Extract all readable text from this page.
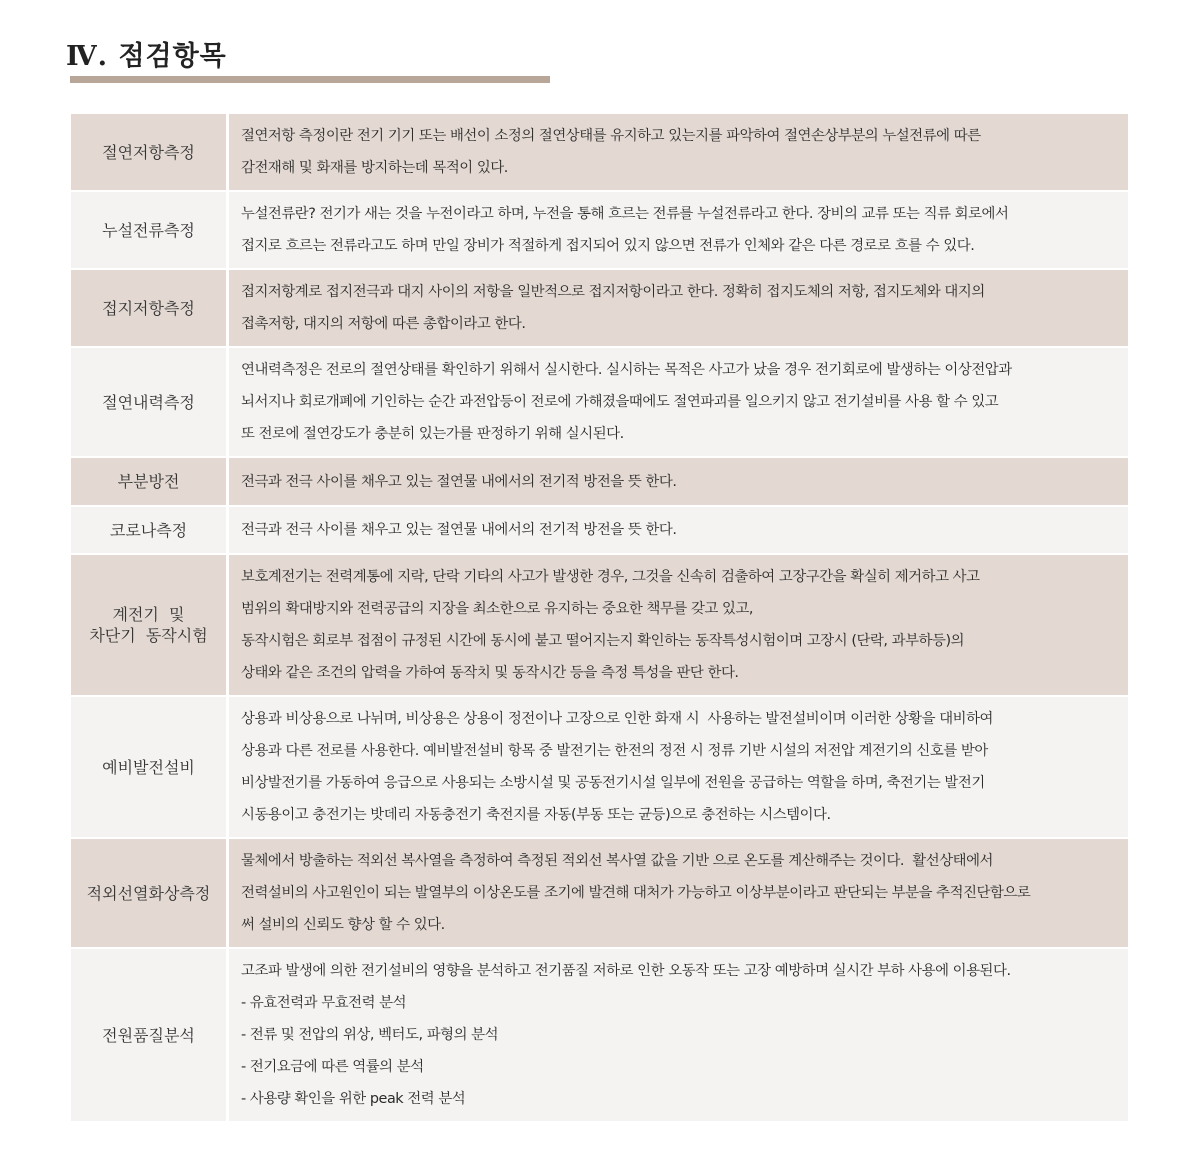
Ⅳ. 점검항목
절연저항측정	절연저항 측정이란 전기 기기 또는 배선이 소정의 절연상태를 유지하고 있는지를 파악하여 절연손상부분의 누설전류에 따른
감전재해 및 화재를 방지하는데 목적이 있다.

누설전류측정	누설전류란? 전기가 새는 것을 누전이라고 하며, 누전을 통해 흐르는 전류를 누설전류라고 한다. 장비의 교류 또는 직류 회로에서
접지로 흐르는 전류라고도 하며 만일 장비가 적절하게 접지되어 있지 않으면 전류가 인체와 같은 다른 경로로 흐를 수 있다.

접지저항측정	접지저항계로 접지전극과 대지 사이의 저항을 일반적으로 접지저항이라고 한다. 정확히 접지도체의 저항, 접지도체와 대지의
접촉저항, 대지의 저항에 따른 총합이라고 한다.

절연내력측정	연내력측정은 전로의 절연상태를 확인하기 위해서 실시한다. 실시하는 목적은 사고가 났을 경우 전기회로에 발생하는 이상전압과
뇌서지나 회로개폐에 기인하는 순간 과전압등이 전로에 가해졌을때에도 절연파괴를 일으키지 않고 전기설비를 사용 할 수 있고
또 전로에 절연강도가 충분히 있는가를 판정하기 위해 실시된다.

부분방전	전극과 전극 사이를 채우고 있는 절연물 내에서의 전기적 방전을 뜻 한다.

코로나측정	전극과 전극 사이를 채우고 있는 절연물 내에서의 전기적 방전을 뜻 한다.

계전기  및
차단기  동작시험	보호계전기는 전력계통에 지락, 단락 기타의 사고가 발생한 경우, 그것을 신속히 검출하여 고장구간을 확실히 제거하고 사고
범위의 확대방지와 전력공급의 지장을 최소한으로 유지하는 중요한 책무를 갖고 있고,
동작시험은 회로부 접점이 규정된 시간에 동시에 붙고 떨어지는지 확인하는 동작특성시험이며 고장시 (단락, 과부하등)의
상태와 같은 조건의 압력을 가하여 동작치 및 동작시간 등을 측정 특성을 판단 한다.

예비발전설비	상용과 비상용으로 나뉘며, 비상용은 상용이 정전이나 고장으로 인한 화재 시  사용하는 발전설비이며 이러한 상황을 대비하여
상용과 다른 전로를 사용한다. 예비발전설비 항목 중 발전기는 한전의 정전 시 정류 기반 시설의 저전압 계전기의 신호를 받아
비상발전기를 가동하여 응급으로 사용되는 소방시설 및 공동전기시설 일부에 전원을 공급하는 역할을 하며, 축전기는 발전기
시동용이고 충전기는 밧데리 자동충전기 축전지를 자동(부동 또는 균등)으로 충전하는 시스템이다.

적외선열화상측정	물체에서 방출하는 적외선 복사열을 측정하여 측정된 적외선 복사열 값을 기반 으로 온도를 계산해주는 것이다.  활선상태에서
전력설비의 사고원인이 되는 발열부의 이상온도를 조기에 발견해 대처가 가능하고 이상부분이라고 판단되는 부분을 추적진단함으로
써 설비의 신뢰도 향상 할 수 있다.

전원품질분석	고조파 발생에 의한 전기설비의 영향을 분석하고 전기품질 저하로 인한 오동작 또는 고장 예방하며 실시간 부하 사용에 이용된다.
- 유효전력과 무효전력 분석
- 전류 및 전압의 위상, 벡터도, 파형의 분석
- 전기요금에 따른 역률의 분석
- 사용량 확인을 위한 peak 전력 분석
